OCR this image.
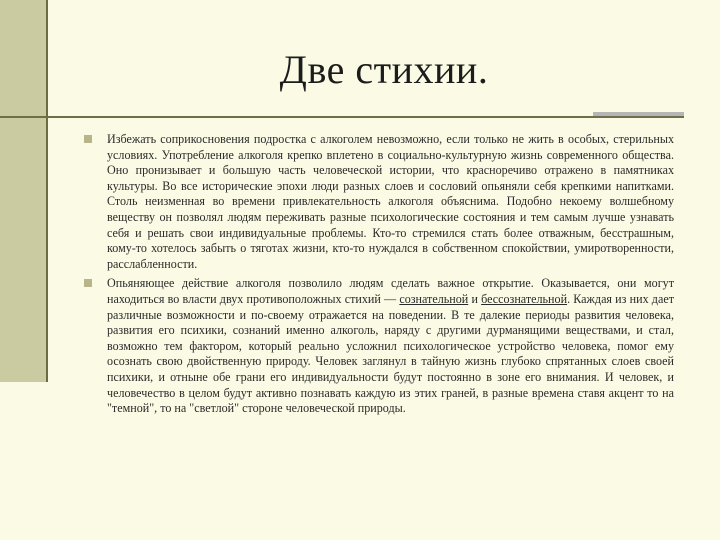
Две стихии.
Избежать соприкосновения подростка с алкоголем невозможно, если только не жить в особых, стерильных условиях. Употребление алкоголя крепко вплетено в социально-культурную жизнь современного общества. Оно пронизывает и большую часть человеческой истории, что красноречиво отражено в памятниках культуры. Во все исторические эпохи люди разных слоев и сословий опьяняли себя крепкими напитками. Столь неизменная во времени привлекательность алкоголя объяснима. Подобно некоему волшебному веществу он позволял людям переживать разные психологические состояния и тем самым лучше узнавать себя и решать свои индивидуальные проблемы. Кто-то стремился стать более отважным, бесстрашным, кому-то хотелось забыть о тяготах жизни, кто-то нуждался в собственном спокойствии, умиротворенности, расслабленности.
Опьяняющее действие алкоголя позволило людям сделать важное открытие. Оказывается, они могут находиться во власти двух противоположных стихий — сознательной и бессознательной. Каждая из них дает различные возможности и по-своему отражается на поведении. В те далекие периоды развития человека, развития его психики, сознаний именно алкоголь, наряду с другими дурманящими веществами, и стал, возможно тем фактором, который реально усложнил психологическое устройство человека, помог ему осознать свою двойственную природу. Человек заглянул в тайную жизнь глубоко спрятанных слоев своей психики, и отныне обе грани его индивидуальности будут постоянно в зоне его внимания. И человек, и человечество в целом будут активно познавать каждую из этих граней, в разные времена ставя акцент то на "темной", то на "светлой" стороне человеческой природы.
